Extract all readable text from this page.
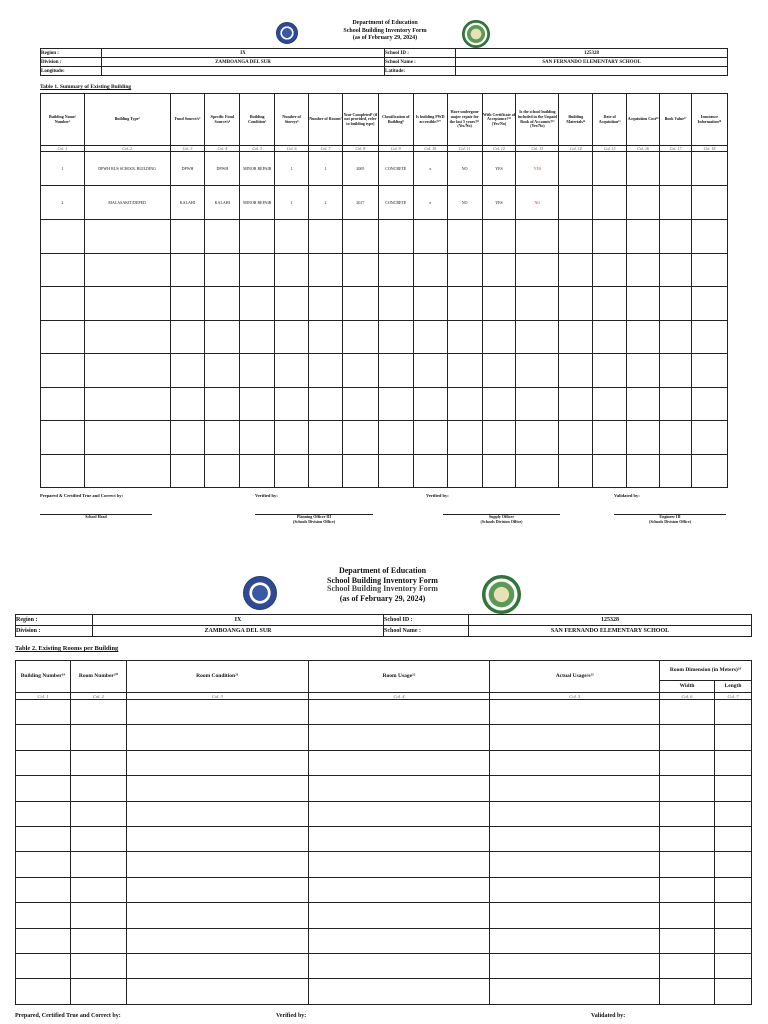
Department of Education
School Building Inventory Form
(as of February 29, 2024)
Region :	IX	School ID :	125328
Division :	ZAMBOANGA DEL SUR	School Name :	SAN FERNANDO ELEMENTARY SCHOOL
Longitude:		Latitude:	
Table 1. Summary of Existing Building
Building Name/ Number¹	Building Type²	Fund Source/s³	Specific Fund Source/s⁴	Building Condition⁵	Number of Storeys⁶	Number of Rooms⁷	Year Completed⁸ (if not provided, refer to building type)	Classification of Building⁹	Is building PWD accessible?¹⁰	Have undergone major repair for the last 5 years?¹¹ (Yes/No)	With Certificate of Acceptance?¹² (Yes/No)	Is the school building included in the Unpaid Book of Accounts?¹³ (Yes/No)	Building Materials¹⁴	Date of Acquisition¹⁵	Acquisition Cost¹⁶	Book Value¹⁷	Insurance Information¹⁸
Col. 1	Col. 2	Col. 3	Col. 4	Col. 5	Col. 6	Col. 7	Col. 8	Col. 9	Col. 10	Col. 11	Col. 12	Col. 13	Col. 14	Col. 15	Col. 16	Col. 17	Col. 18
1	DPWH RUS SCHOOL BUILDING	DPWH	DPWH	MINOR REPAIR	1	1	2005	CONCRETE	x	NO	YES	YES					
2	MALASAKIT/DEPED	KALAHI	KALAHI	MINOR REPAIR	1	2	2017	CONCRETE	x	NO	YES	NO					

Prepared & Certified True and Correct by:	Verified by:	Verified by:	Validated by:
School Head	Planning Officer III
(Schools Division Office)
Supply Officer
(Schools Division Office)
Engineer III
(Schools Division Office)
Department of Education
School Building Inventory Form
School Building Inventory Form
(as of February 29, 2024)
Region :	IX	School ID :	125328
Division :	ZAMBOANGA DEL SUR	School Name :	SAN FERNANDO ELEMENTARY SCHOOL
Table 2. Existing Rooms per Building
Building Number¹⁹	Room Number²⁰	Room Condition²¹	Room Usage²²	Actual Usage/s²³	Room Dimension (in Meters)²⁴	
					Width	Length
Col. 1	Col. 2	Col. 3	Col. 4	Col. 5	Col. 6	Col. 7

Prepared, Certified True and Correct by:	Verified by:	Validated by:
